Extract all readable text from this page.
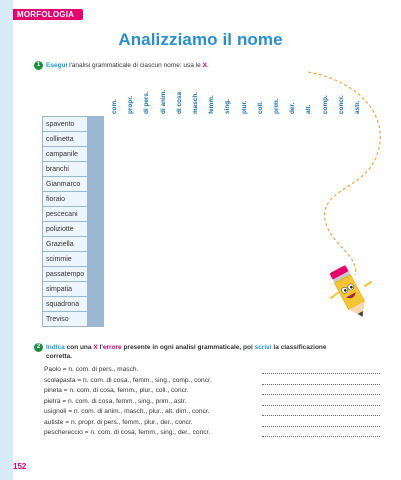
MORFOLOGIA
Analizziamo il nome
1 Esegui l'analisi grammaticale di ciascun nome: usa le X.
com. propr. di pers. di anim. di cosa masch. femm. sing. plur. coll. prim. der. alt. comp. concr. astr.
spavento																
collinetta																
campanile																
branchi																
Gianmarco																
fioraio																
pescecani																
poliziotte																
Graziella																
scimmie																
passatempo																
simpatia																
squadrona																
Treviso																
2 Indica con una X l'errore presente in ogni analisi grammaticale, poi scrivi la classificazione
corretta.
Paolo = n. com. di pers., masch.
scolapasta = n. com. di cosa., femm., sing., comp., concr.
pineta = n. com. di cosa, femm., plur., coll., concr.
pietra = n. com. di cosa, femm., sing., prim., astr.
usignoli = n. com. di anim., masch., plur., alt. dim., concr.
autiste = n. propr. di pers., femm., plur., der., concr.
peschereccio = n. com. di cosa, femm., sing., der., concr.
152
